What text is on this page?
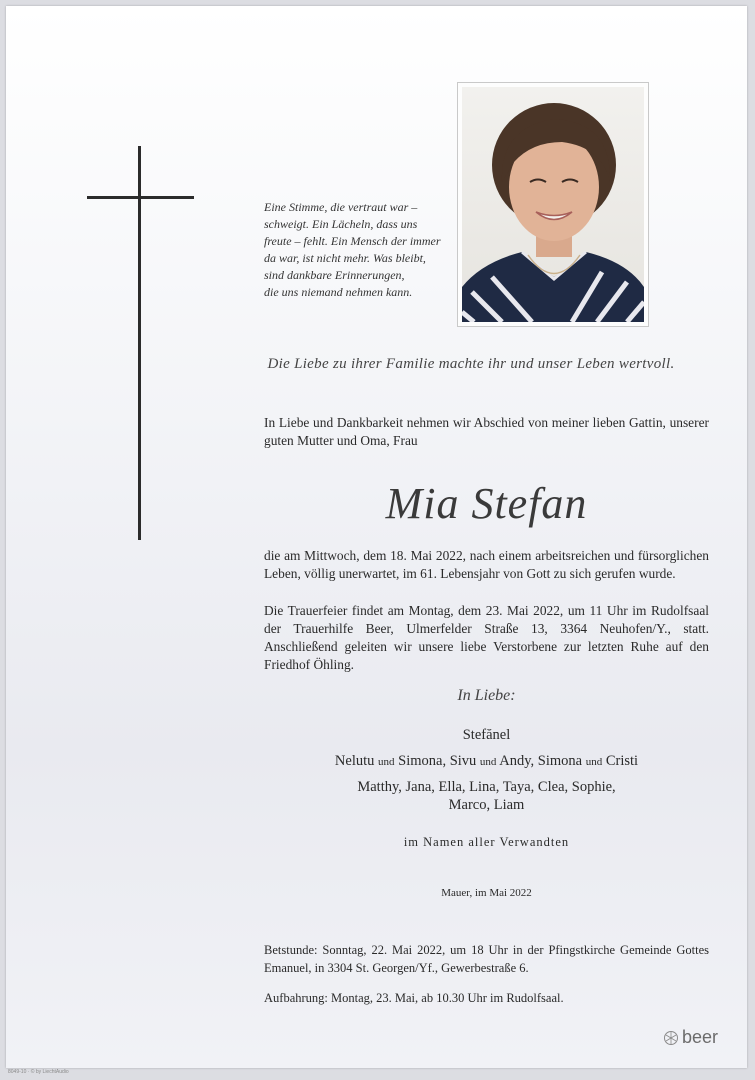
Eine Stimme, die vertraut war –
schweigt. Ein Lächeln, dass uns
freute – fehlt. Ein Mensch der immer
da war, ist nicht mehr. Was bleibt,
sind dankbare Erinnerungen,
die uns niemand nehmen kann.
Die Liebe zu ihrer Familie machte ihr und unser Leben wertvoll.
In Liebe und Dankbarkeit nehmen wir Abschied von meiner lieben Gattin, unserer guten Mutter und Oma, Frau
Mia Stefan
die am Mittwoch, dem 18. Mai 2022, nach einem arbeitsreichen und fürsorglichen Leben, völlig unerwartet, im 61. Lebensjahr von Gott zu sich gerufen wurde.
Die Trauerfeier findet am Montag, dem 23. Mai 2022, um 11 Uhr im Rudolfsaal der Trauerhilfe Beer, Ulmerfelder Straße 13, 3364 Neuhofen/Y., statt. Anschließend geleiten wir unsere liebe Verstorbene zur letzten Ruhe auf den Friedhof Öhling.
In Liebe:
Stefănel
Nelutu und Simona, Sivu und Andy, Simona und Cristi
Matthy, Jana, Ella, Lina, Taya, Clea, Sophie,
Marco, Liam
im Namen aller Verwandten
Mauer, im Mai 2022
Betstunde: Sonntag, 22. Mai 2022, um 18 Uhr in der Pfingstkirche Gemeinde Gottes Emanuel, in 3304 St. Georgen/Yf., Gewerbestraße 6.
Aufbahrung: Montag, 23. Mai, ab 10.30 Uhr im Rudolfsaal.
beer
8049-10 · © by LiechtAudio
